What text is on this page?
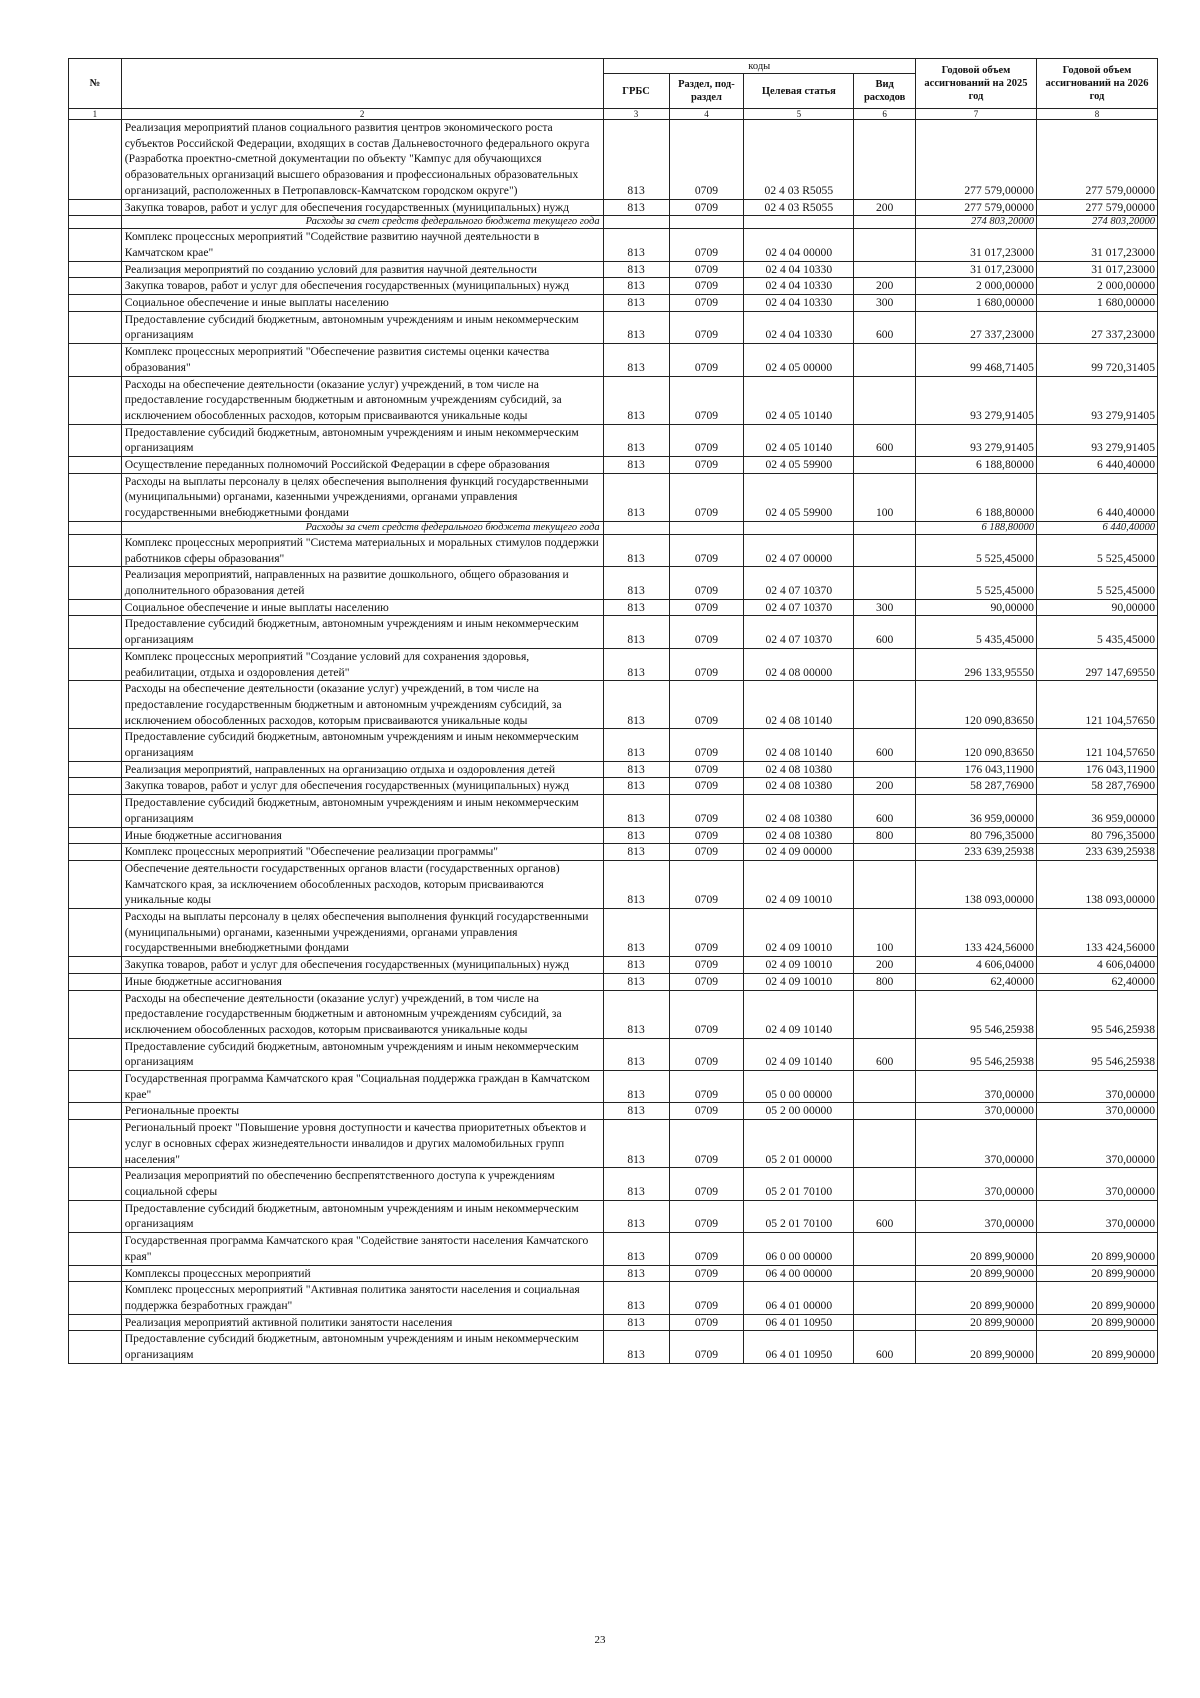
№		коды				Годовой объем ассигнований на 2025 год	Годовой объем ассигнований на 2026 год
		ГРБС	Раздел, под-раздел	Целевая статья	Вид расходов		
1	2	3	4	5	6	7	8
	Реализация мероприятий планов социального развития центров экономического роста субъектов Российской Федерации, входящих в состав Дальневосточного федерального округа (Разработка проектно-сметной документации по объекту "Кампус для обучающихся образовательных организаций высшего образования и профессиональных образовательных организаций, расположенных в Петропавловск-Камчатском городском округе")	813	0709	02 4 03 R5055		277 579,00000	277 579,00000
	Закупка товаров, работ и услуг для обеспечения государственных (муниципальных) нужд	813	0709	02 4 03 R5055	200	277 579,00000	277 579,00000
	Расходы за счет средств федерального бюджета текущего года					274 803,20000	274 803,20000
	Комплекс процессных мероприятий "Содействие развитию научной деятельности в Камчатском крае"	813	0709	02 4 04 00000		31 017,23000	31 017,23000
	Реализация мероприятий по созданию условий для развития научной деятельности	813	0709	02 4 04 10330		31 017,23000	31 017,23000
	Закупка товаров, работ и услуг для обеспечения государственных (муниципальных) нужд	813	0709	02 4 04 10330	200	2 000,00000	2 000,00000
	Социальное обеспечение и иные выплаты населению	813	0709	02 4 04 10330	300	1 680,00000	1 680,00000
	Предоставление субсидий бюджетным, автономным учреждениям и иным некоммерческим организациям	813	0709	02 4 04 10330	600	27 337,23000	27 337,23000
	Комплекс процессных мероприятий "Обеспечение развития системы оценки качества образования"	813	0709	02 4 05 00000		99 468,71405	99 720,31405
	Расходы на обеспечение деятельности (оказание услуг) учреждений, в том числе на предоставление государственным бюджетным и автономным учреждениям субсидий, за исключением обособленных расходов, которым присваиваются уникальные коды	813	0709	02 4 05 10140		93 279,91405	93 279,91405
	Предоставление субсидий бюджетным, автономным учреждениям и иным некоммерческим организациям	813	0709	02 4 05 10140	600	93 279,91405	93 279,91405
	Осуществление переданных полномочий Российской Федерации в сфере образования	813	0709	02 4 05 59900		6 188,80000	6 440,40000
	Расходы на выплаты персоналу в целях обеспечения выполнения функций государственными (муниципальными) органами, казенными учреждениями, органами управления государственными внебюджетными фондами	813	0709	02 4 05 59900	100	6 188,80000	6 440,40000
	Расходы за счет средств федерального бюджета текущего года					6 188,80000	6 440,40000
	Комплекс процессных мероприятий "Система материальных и моральных стимулов поддержки работников сферы образования"	813	0709	02 4 07 00000		5 525,45000	5 525,45000
	Реализация мероприятий, направленных на развитие дошкольного, общего образования и дополнительного образования детей	813	0709	02 4 07 10370		5 525,45000	5 525,45000
	Социальное обеспечение и иные выплаты населению	813	0709	02 4 07 10370	300	90,00000	90,00000
	Предоставление субсидий бюджетным, автономным учреждениям и иным некоммерческим организациям	813	0709	02 4 07 10370	600	5 435,45000	5 435,45000
	Комплекс процессных мероприятий "Создание условий для сохранения здоровья, реабилитации, отдыха и оздоровления детей"	813	0709	02 4 08 00000		296 133,95550	297 147,69550
	Расходы на обеспечение деятельности (оказание услуг) учреждений, в том числе на предоставление государственным бюджетным и автономным учреждениям субсидий, за исключением обособленных расходов, которым присваиваются уникальные коды	813	0709	02 4 08 10140		120 090,83650	121 104,57650
	Предоставление субсидий бюджетным, автономным учреждениям и иным некоммерческим организациям	813	0709	02 4 08 10140	600	120 090,83650	121 104,57650
	Реализация мероприятий, направленных на организацию отдыха и оздоровления детей	813	0709	02 4 08 10380		176 043,11900	176 043,11900
	Закупка товаров, работ и услуг для обеспечения государственных (муниципальных) нужд	813	0709	02 4 08 10380	200	58 287,76900	58 287,76900
	Предоставление субсидий бюджетным, автономным учреждениям и иным некоммерческим организациям	813	0709	02 4 08 10380	600	36 959,00000	36 959,00000
	Иные бюджетные ассигнования	813	0709	02 4 08 10380	800	80 796,35000	80 796,35000
	Комплекс процессных мероприятий "Обеспечение реализации программы"	813	0709	02 4 09 00000		233 639,25938	233 639,25938
	Обеспечение деятельности государственных органов власти (государственных органов) Камчатского края, за исключением обособленных расходов, которым присваиваются уникальные коды	813	0709	02 4 09 10010		138 093,00000	138 093,00000
	Расходы на выплаты персоналу в целях обеспечения выполнения функций государственными (муниципальными) органами, казенными учреждениями, органами управления государственными внебюджетными фондами	813	0709	02 4 09 10010	100	133 424,56000	133 424,56000
	Закупка товаров, работ и услуг для обеспечения государственных (муниципальных) нужд	813	0709	02 4 09 10010	200	4 606,04000	4 606,04000
	Иные бюджетные ассигнования	813	0709	02 4 09 10010	800	62,40000	62,40000
	Расходы на обеспечение деятельности (оказание услуг) учреждений, в том числе на предоставление государственным бюджетным и автономным учреждениям субсидий, за исключением обособленных расходов, которым присваиваются уникальные коды	813	0709	02 4 09 10140		95 546,25938	95 546,25938
	Предоставление субсидий бюджетным, автономным учреждениям и иным некоммерческим организациям	813	0709	02 4 09 10140	600	95 546,25938	95 546,25938
	Государственная программа Камчатского края "Социальная поддержка граждан в Камчатском крае"	813	0709	05 0 00 00000		370,00000	370,00000
	Региональные проекты	813	0709	05 2 00 00000		370,00000	370,00000
	Региональный проект "Повышение уровня доступности и качества приоритетных объектов и услуг в основных сферах жизнедеятельности инвалидов и других маломобильных групп населения"	813	0709	05 2 01 00000		370,00000	370,00000
	Реализация мероприятий по обеспечению беспрепятственного доступа к учреждениям социальной сферы	813	0709	05 2 01 70100		370,00000	370,00000
	Предоставление субсидий бюджетным, автономным учреждениям и иным некоммерческим организациям	813	0709	05 2 01 70100	600	370,00000	370,00000
	Государственная программа Камчатского края "Содействие занятости населения Камчатского края"	813	0709	06 0 00 00000		20 899,90000	20 899,90000
	Комплексы процессных мероприятий	813	0709	06 4 00 00000		20 899,90000	20 899,90000
	Комплекс процессных мероприятий "Активная политика занятости населения и социальная поддержка безработных граждан"	813	0709	06 4 01 00000		20 899,90000	20 899,90000
	Реализация мероприятий активной политики занятости населения	813	0709	06 4 01 10950		20 899,90000	20 899,90000
	Предоставление субсидий бюджетным, автономным учреждениям и иным некоммерческим организациям	813	0709	06 4 01 10950	600	20 899,90000	20 899,90000
23
